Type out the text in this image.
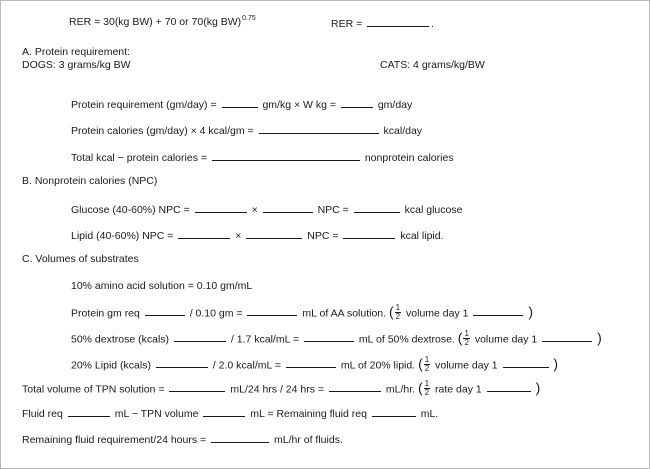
RER = 30(kg BW) + 70 or 70(kg BW)$^{0.75}$	RER =	.
A. Protein requirement:
DOGS: 3 grams/kg BW	CATS: 4 grams/kg/BW
Protein requirement (gm/day) =	gm/kg × W kg =	gm/day
Protein calories (gm/day) × 4 kcal/gm =	kcal/day
Total kcal − protein calories =	nonprotein calories
B. Nonprotein calories (NPC)
Glucose (40-60%) NPC =	×	NPC =	kcal glucose
Lipid (40-60%) NPC =	×	NPC =	kcal lipid.
C. Volumes of substrates
10% amino acid solution = 0.10 gm/mL
Protein gm req	/ 0.10 gm =	mL of AA solution. ( $\frac{1}{2}$ volume day 1	)
50% dextrose (kcals)	/ 1.7 kcal/mL =	mL of 50% dextrose. ( $\frac{1}{2}$ volume day 1	)
20% Lipid (kcals)	/ 2.0 kcal/mL =	mL of 20% lipid. ( $\frac{1}{2}$ volume day 1	)
Total volume of TPN solution =	mL/24 hrs / 24 hrs =	mL/hr. ( $\frac{1}{2}$ rate day 1	)
Fluid req	mL − TPN volume	mL = Remaining fluid req	mL.
Remaining fluid requirement/24 hours =	mL/hr of fluids.
